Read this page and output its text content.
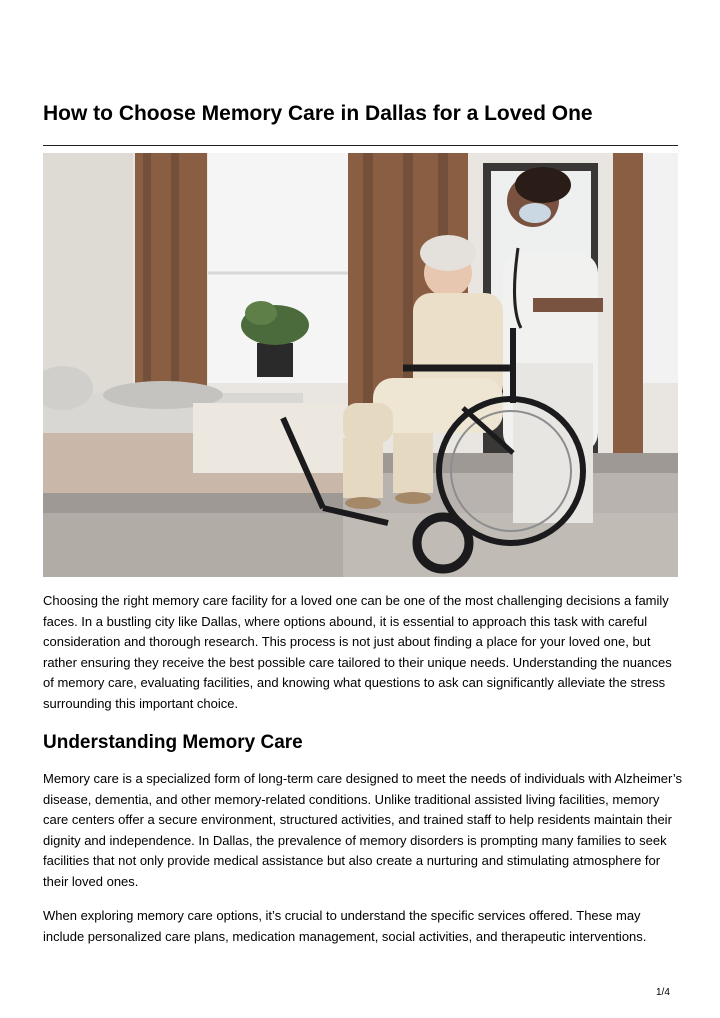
How to Choose Memory Care in Dallas for a Loved One

Choosing the right memory care facility for a loved one can be one of the most challenging decisions a family faces. In a bustling city like Dallas, where options abound, it is essential to approach this task with careful consideration and thorough research. This process is not just about finding a place for your loved one, but rather ensuring they receive the best possible care tailored to their unique needs. Understanding the nuances of memory care, evaluating facilities, and knowing what questions to ask can significantly alleviate the stress surrounding this important choice.

Understanding Memory Care

Memory care is a specialized form of long-term care designed to meet the needs of individuals with Alzheimer’s disease, dementia, and other memory-related conditions. Unlike traditional assisted living facilities, memory care centers offer a secure environment, structured activities, and trained staff to help residents maintain their dignity and independence. In Dallas, the prevalence of memory disorders is prompting many families to seek facilities that not only provide medical assistance but also create a nurturing and stimulating atmosphere for their loved ones.

When exploring memory care options, it’s crucial to understand the specific services offered. These may include personalized care plans, medication management, social activities, and therapeutic interventions.

1/4
